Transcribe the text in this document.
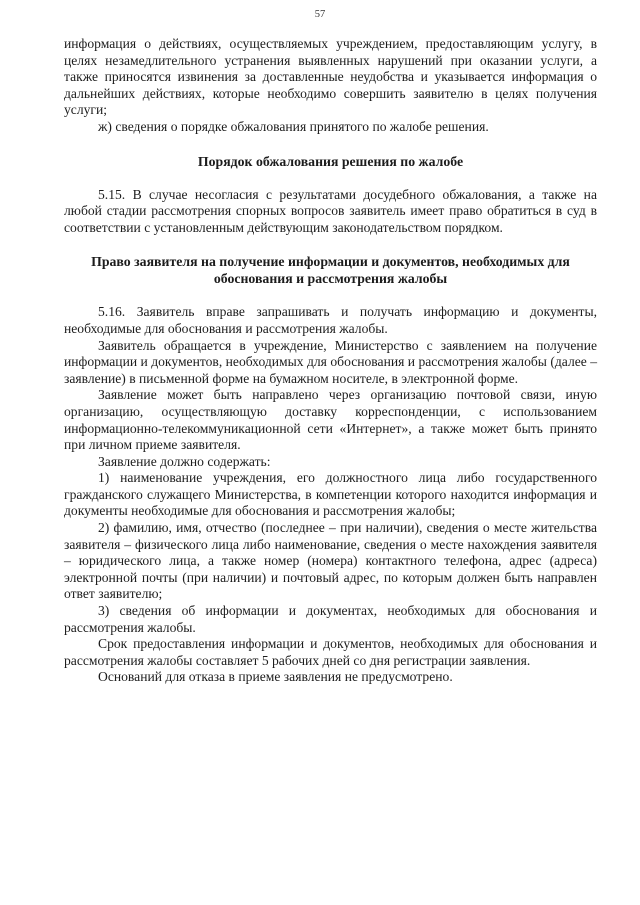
57

информация о действиях, осуществляемых учреждением, предоставляющим услугу, в целях незамедлительного устранения выявленных нарушений при оказании услуги, а также приносятся извинения за доставленные неудобства и указывается информация о дальнейших действиях, которые необходимо совершить заявителю в целях получения услуги;

ж) сведения о порядке обжалования принятого по жалобе решения.

Порядок обжалования решения по жалобе

5.15. В случае несогласия с результатами досудебного обжалования, а также на любой стадии рассмотрения спорных вопросов заявитель имеет право обратиться в суд в соответствии с установленным действующим законодательством порядком.

Право заявителя на получение информации и документов, необходимых для обоснования и рассмотрения жалобы

5.16. Заявитель вправе запрашивать и получать информацию и документы, необходимые для обоснования и рассмотрения жалобы.

Заявитель обращается в учреждение, Министерство с заявлением на получение информации и документов, необходимых для обоснования и рассмотрения жалобы (далее – заявление) в письменной форме на бумажном носителе, в электронной форме.

Заявление может быть направлено через организацию почтовой связи, иную организацию, осуществляющую доставку корреспонденции, с использованием информационно-телекоммуникационной сети «Интернет», а также может быть принято при личном приеме заявителя.

Заявление должно содержать:

1) наименование учреждения, его должностного лица либо государственного гражданского служащего Министерства, в компетенции которого находится информация и документы необходимые для обоснования и рассмотрения жалобы;

2) фамилию, имя, отчество (последнее – при наличии), сведения о месте жительства заявителя – физического лица либо наименование, сведения о месте нахождения заявителя – юридического лица, а также номер (номера) контактного телефона, адрес (адреса) электронной почты (при наличии) и почтовый адрес, по которым должен быть направлен ответ заявителю;

3) сведения об информации и документах, необходимых для обоснования и рассмотрения жалобы.

Срок предоставления информации и документов, необходимых для обоснования и рассмотрения жалобы составляет 5 рабочих дней со дня регистрации заявления.

Оснований для отказа в приеме заявления не предусмотрено.
